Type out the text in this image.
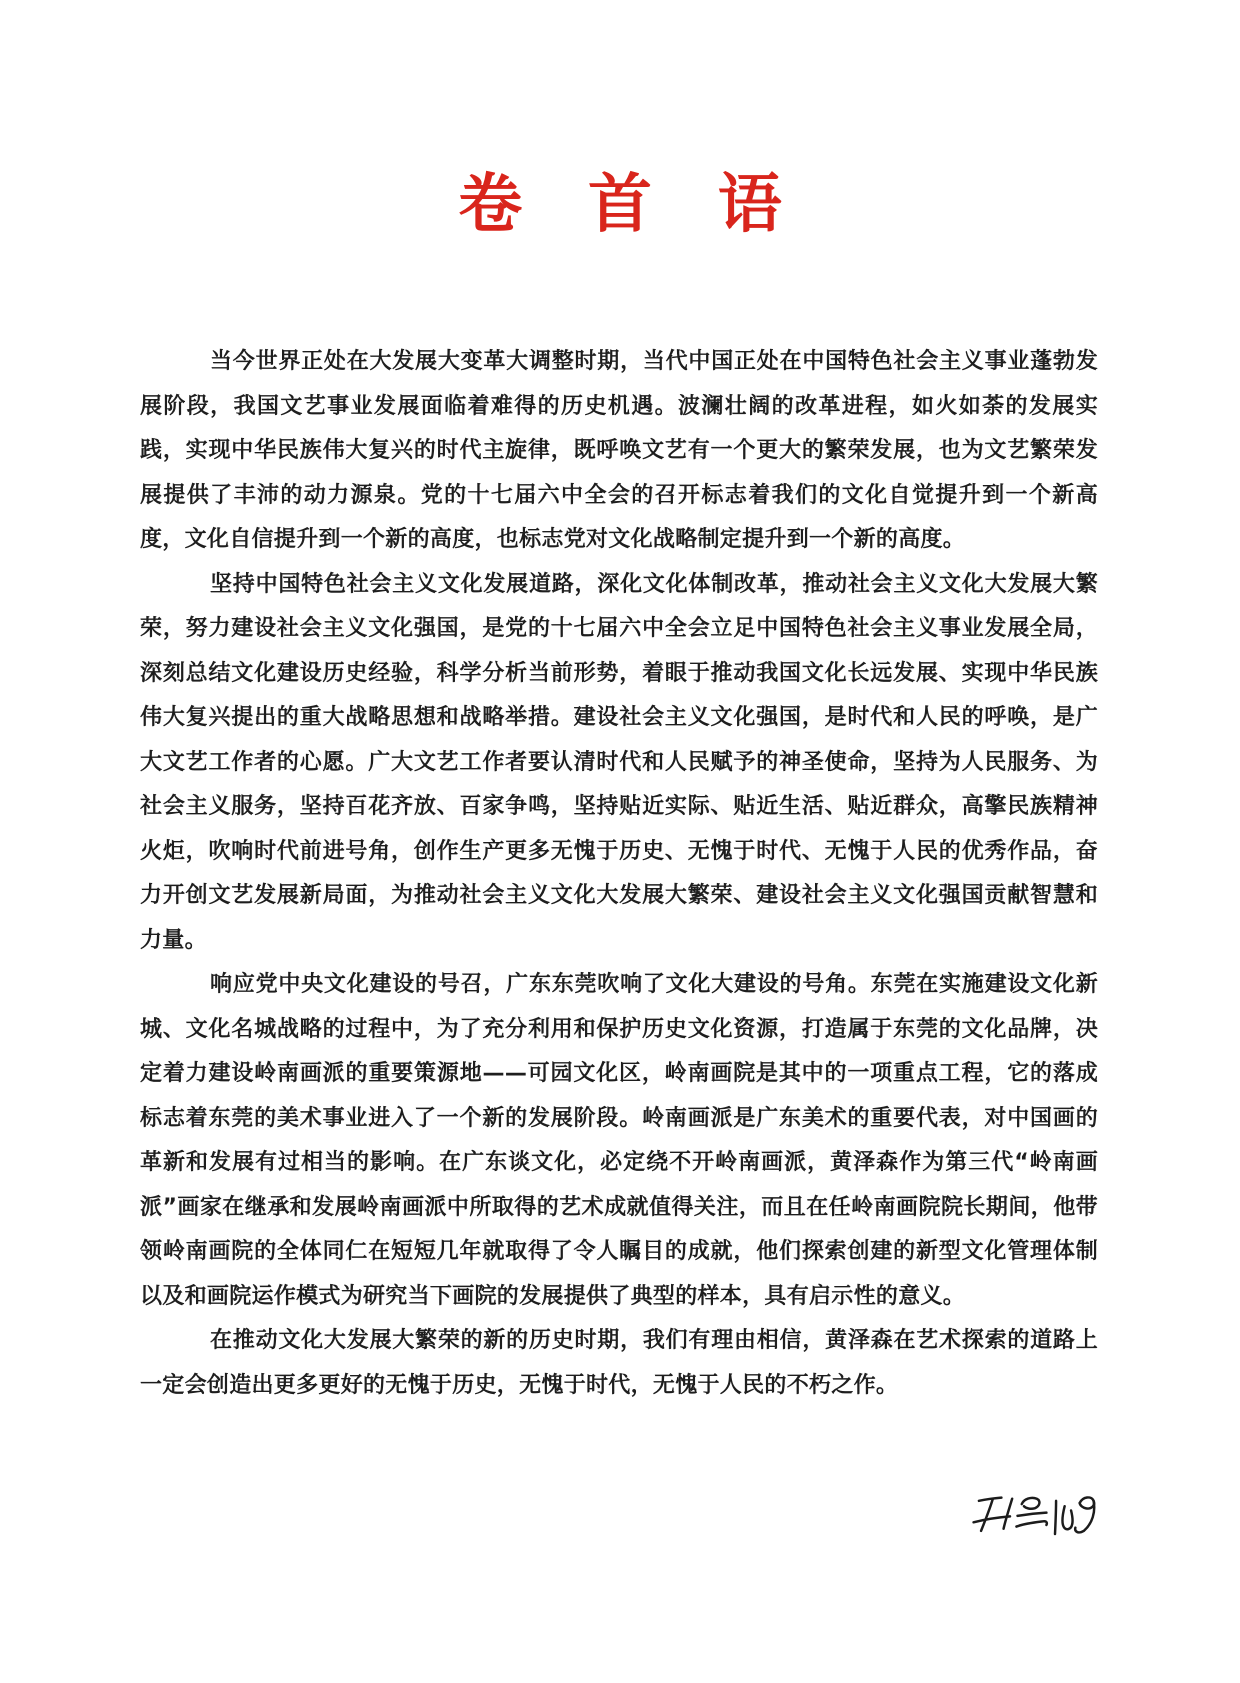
卷 首 语

当今世界正处在大发展大变革大调整时期，当代中国正处在中国特色社会主义事业蓬勃发展阶段，我国文艺事业发展面临着难得的历史机遇。波澜壮阔的改革进程，如火如荼的发展实践，实现中华民族伟大复兴的时代主旋律，既呼唤文艺有一个更大的繁荣发展，也为文艺繁荣发展提供了丰沛的动力源泉。党的十七届六中全会的召开标志着我们的文化自觉提升到一个新高度，文化自信提升到一个新的高度，也标志党对文化战略制定提升到一个新的高度。

坚持中国特色社会主义文化发展道路，深化文化体制改革，推动社会主义文化大发展大繁荣，努力建设社会主义文化强国，是党的十七届六中全会立足中国特色社会主义事业发展全局，深刻总结文化建设历史经验，科学分析当前形势，着眼于推动我国文化长远发展、实现中华民族伟大复兴提出的重大战略思想和战略举措。建设社会主义文化强国，是时代和人民的呼唤，是广大文艺工作者的心愿。广大文艺工作者要认清时代和人民赋予的神圣使命，坚持为人民服务、为社会主义服务，坚持百花齐放、百家争鸣，坚持贴近实际、贴近生活、贴近群众，高擎民族精神火炬，吹响时代前进号角，创作生产更多无愧于历史、无愧于时代、无愧于人民的优秀作品，奋力开创文艺发展新局面，为推动社会主义文化大发展大繁荣、建设社会主义文化强国贡献智慧和力量。

响应党中央文化建设的号召，广东东莞吹响了文化大建设的号角。东莞在实施建设文化新城、文化名城战略的过程中，为了充分利用和保护历史文化资源，打造属于东莞的文化品牌，决定着力建设岭南画派的重要策源地——可园文化区，岭南画院是其中的一项重点工程，它的落成标志着东莞的美术事业进入了一个新的发展阶段。岭南画派是广东美术的重要代表，对中国画的革新和发展有过相当的影响。在广东谈文化，必定绕不开岭南画派，黄泽森作为第三代“岭南画派”画家在继承和发展岭南画派中所取得的艺术成就值得关注，而且在任岭南画院院长期间，他带领岭南画院的全体同仁在短短几年就取得了令人瞩目的成就，他们探索创建的新型文化管理体制以及和画院运作模式为研究当下画院的发展提供了典型的样本，具有启示性的意义。

在推动文化大发展大繁荣的新的历史时期，我们有理由相信，黄泽森在艺术探索的道路上一定会创造出更多更好的无愧于历史，无愧于时代，无愧于人民的不朽之作。
